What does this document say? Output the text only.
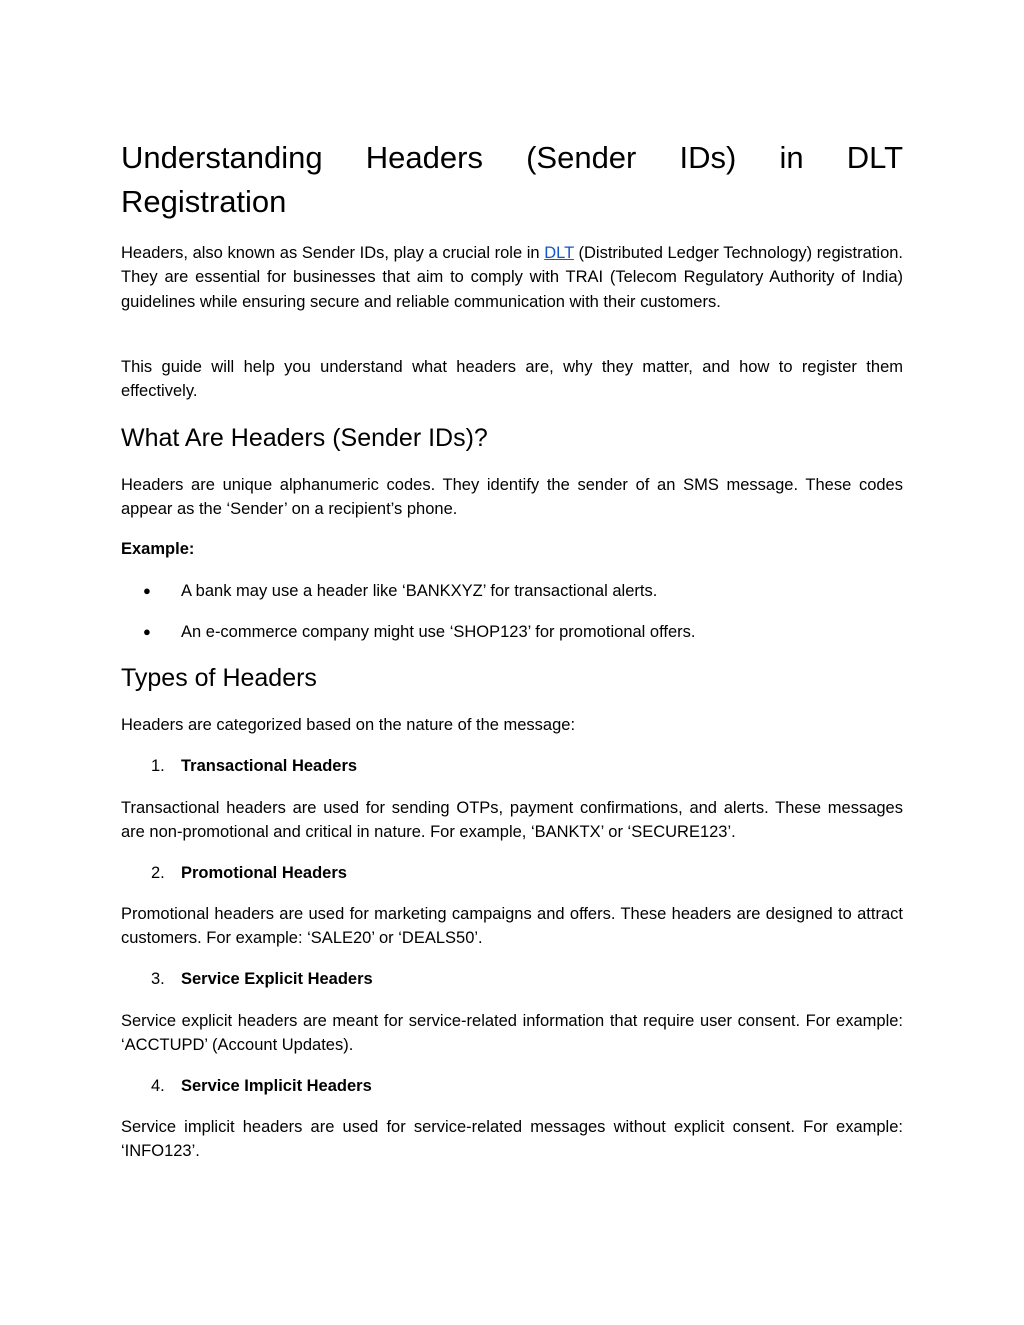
Understanding Headers (Sender IDs) in DLT
Registration

Headers, also known as Sender IDs, play a crucial role in DLT (Distributed Ledger Technology) registration. They are essential for businesses that aim to comply with TRAI (Telecom Regulatory Authority of India) guidelines while ensuring secure and reliable communication with their customers.

This guide will help you understand what headers are, why they matter, and how to register them effectively.

What Are Headers (Sender IDs)?

Headers are unique alphanumeric codes. They identify the sender of an SMS message. These codes appear as the ‘Sender’ on a recipient’s phone.

Example:

● A bank may use a header like ‘BANKXYZ’ for transactional alerts.
● An e-commerce company might use ‘SHOP123’ for promotional offers.
Types of Headers

Headers are categorized based on the nature of the message:

1. Transactional Headers

Transactional headers are used for sending OTPs, payment confirmations, and alerts. These messages are non-promotional and critical in nature. For example, ‘BANKTX’ or ‘SECURE123’.

2. Promotional Headers

Promotional headers are used for marketing campaigns and offers. These headers are designed to attract customers. For example: ‘SALE20’ or ‘DEALS50’.

3. Service Explicit Headers

Service explicit headers are meant for service-related information that require user consent. For example: ‘ACCTUPD’ (Account Updates).

4. Service Implicit Headers

Service implicit headers are used for service-related messages without explicit consent. For example: ‘INFO123’.
